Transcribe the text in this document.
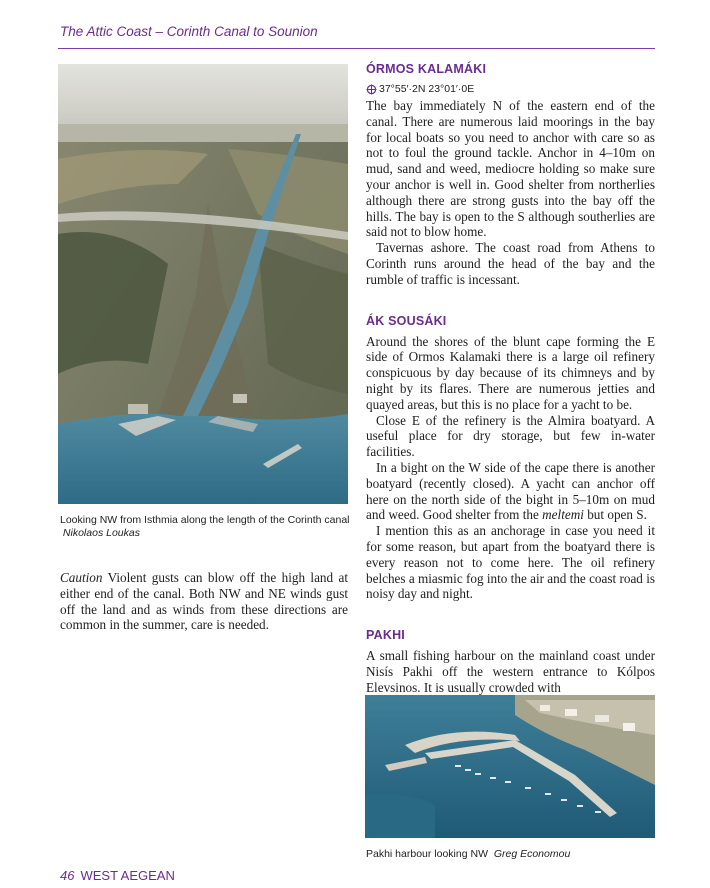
The Attic Coast – Corinth Canal to Sounion
Looking NW from Isthmia along the length of the Corinth canal  Nikolaos Loukas
Caution Violent gusts can blow off the high land at either end of the canal. Both NW and NE winds gust off the land and as winds from these directions are common in the summer, care is needed.
ÓRMOS KALAMÁKI
37°55′·2N 23°01′·0E

The bay immediately N of the eastern end of the canal. There are numerous laid moorings in the bay for local boats so you need to anchor with care so as not to foul the ground tackle. Anchor in 4–10m on mud, sand and weed, mediocre holding so make sure your anchor is well in. Good shelter from northerlies although there are strong gusts into the bay off the hills. The bay is open to the S although southerlies are said not to blow home.

Tavernas ashore. The coast road from Athens to Corinth runs around the head of the bay and the rumble of traffic is incessant.

ÁK SOUSÁKI

Around the shores of the blunt cape forming the E side of Ormos Kalamaki there is a large oil refinery conspicuous by day because of its chimneys and by night by its flares. There are numerous jetties and quayed areas, but this is no place for a yacht to be.

Close E of the refinery is the Almira boatyard. A useful place for dry storage, but few in-water facilities.

In a bight on the W side of the cape there is another boatyard (recently closed). A yacht can anchor off here on the north side of the bight in 5–10m on mud and weed. Good shelter from the meltemi but open S.

I mention this as an anchorage in case you need it for some reason, but apart from the boatyard there is every reason not to come here. The oil refinery belches a miasmic fog into the air and the coast road is noisy day and night.

PAKHI

A small fishing harbour on the mainland coast under Nisís Pakhi off the western entrance to Kólpos Elevsinos. It is usually crowded with

Pakhi harbour looking NW Greg Economou
46 WEST AEGEAN
